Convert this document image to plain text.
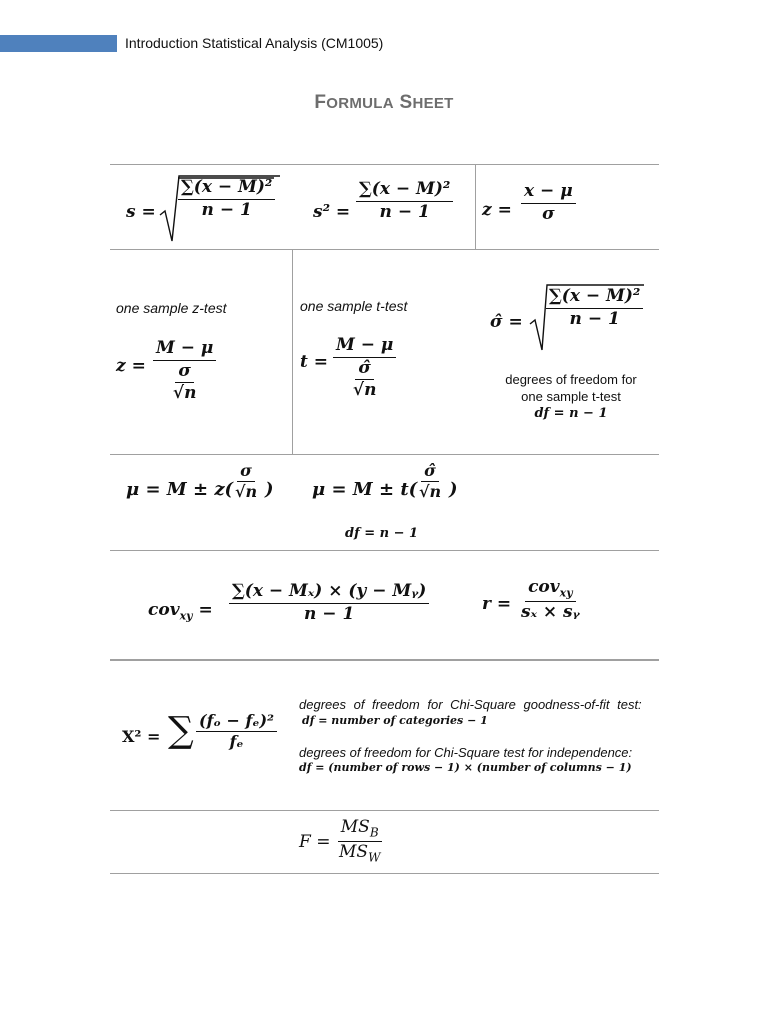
Introduction Statistical Analysis (CM1005)
FORMULA SHEET
$s = \frac{\text{∑(x − M)²}}{n - 1} s^2 = \frac{\text{∑(x − M)²}}{n - 1}$ $z = \frac{x - \mu}{\sigma}$
one sample z-test
$z = \frac{M - \mu}{\frac{\sigma}{√n}}$
one sample t-test
$t = \frac{M - \mu}{\frac{\sigmâ}{√n}}$
σ̂ = $\frac{\text{∑(x − M)²}}{n - 1}$
degrees of freedom for
one sample t-test
df = n − 1
μ = M ± z(
$\frac{\sigma}{√n}$ ) μ = M ± t(
$\frac{\sigmâ}{√n}$ )
df = n − 1
$cov_{xy} = \frac{\text{∑(x − Mₓ) × (y − Mᵧ)}}{n - 1}$	$r = \frac{cov_{xy}}{\text{sₓ × sᵧ}}$
X² = ∑ $\frac{\text{(fₒ − fₑ)²}}{\text{fₑ}}$
degrees of freedom for Chi-Square goodness-of-fit test:
df = number of categories − 1
degrees of freedom for Chi-Square test for independence:
df = (number of rows − 1) × (number of columns − 1)
$F = \frac{MS_B}{MS_W}$
